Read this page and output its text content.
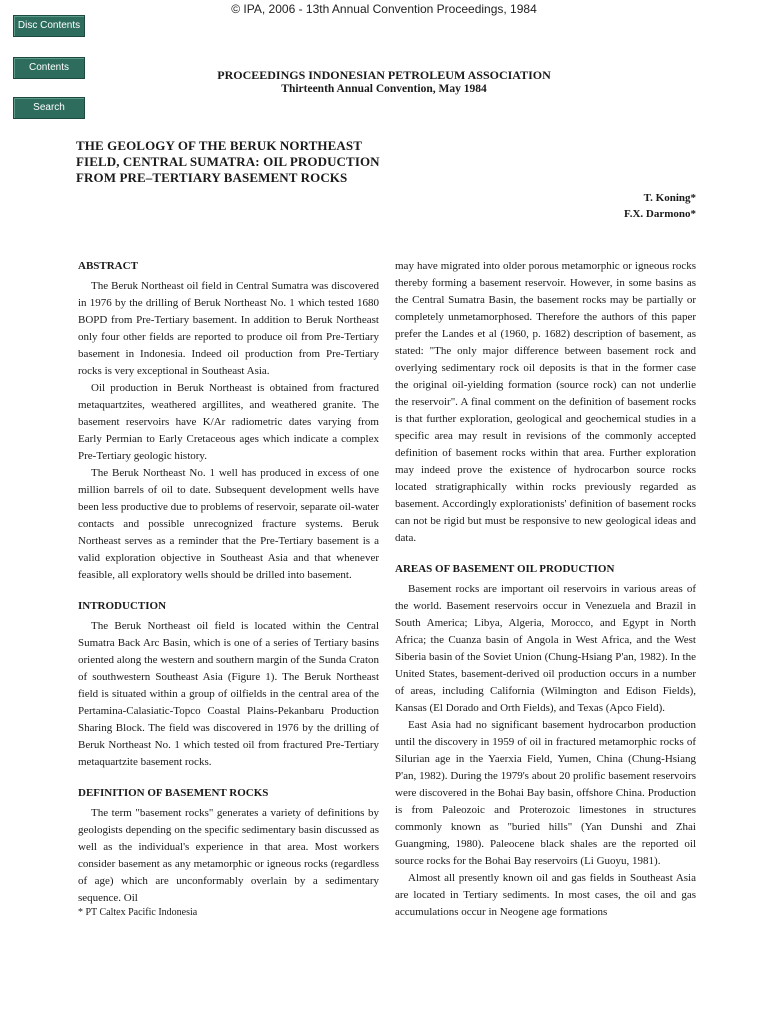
© IPA, 2006 - 13th Annual Convention Proceedings, 1984
Disc Contents
Contents
Search
PROCEEDINGS INDONESIAN PETROLEUM ASSOCIATION
Thirteenth Annual Convention, May 1984
THE GEOLOGY OF THE BERUK NORTHEAST
FIELD, CENTRAL SUMATRA: OIL PRODUCTION
FROM PRE–TERTIARY BASEMENT ROCKS
T. Koning*
F.X. Darmono*
ABSTRACT

The Beruk Northeast oil field in Central Sumatra was discovered in 1976 by the drilling of Beruk Northeast No. 1 which tested 1680 BOPD from Pre-Tertiary basement. In addition to Beruk Northeast only four other fields are reported to produce oil from Pre-Tertiary basement in Indonesia. Indeed oil production from Pre-Tertiary rocks is very exceptional in Southeast Asia.

Oil production in Beruk Northeast is obtained from fractured metaquartzites, weathered argillites, and weathered granite. The basement reservoirs have K/Ar radiometric dates varying from Early Permian to Early Cretaceous ages which indicate a complex Pre-Tertiary geologic history.

The Beruk Northeast No. 1 well has produced in excess of one million barrels of oil to date. Subsequent development wells have been less productive due to problems of reservoir, separate oil-water contacts and possible unrecognized fracture systems. Beruk Northeast serves as a reminder that the Pre-Tertiary basement is a valid exploration objective in Southeast Asia and that whenever feasible, all exploratory wells should be drilled into basement.

INTRODUCTION

The Beruk Northeast oil field is located within the Central Sumatra Back Arc Basin, which is one of a series of Tertiary basins oriented along the western and southern margin of the Sunda Craton of southwestern Southeast Asia (Figure 1). The Beruk Northeast field is situated within a group of oilfields in the central area of the Pertamina-Calasiatic-Topco Coastal Plains-Pekanbaru Production Sharing Block. The field was discovered in 1976 by the drilling of Beruk Northeast No. 1 which tested oil from fractured Pre-Tertiary metaquartzite basement rocks.

DEFINITION OF BASEMENT ROCKS

The term "basement rocks" generates a variety of definitions by geologists depending on the specific sedimentary basin discussed as well as the individual's experience in that area. Most workers consider basement as any metamorphic or igneous rocks (regardless of age) which are unconformably overlain by a sedimentary sequence. Oil

may have migrated into older porous metamorphic or igneous rocks thereby forming a basement reservoir. However, in some basins as the Central Sumatra Basin, the basement rocks may be partially or completely unmetamorphosed. Therefore the authors of this paper prefer the Landes et al (1960, p. 1682) description of basement, as stated: "The only major difference between basement rock and overlying sedimentary rock oil deposits is that in the former case the original oil-yielding formation (source rock) can not underlie the reservoir". A final comment on the definition of basement rocks is that further exploration, geological and geochemical studies in a specific area may result in revisions of the commonly accepted definition of basement rocks within that area. Further exploration may indeed prove the existence of hydrocarbon source rocks located stratigraphically within rocks previously regarded as basement. Accordingly explorationists' definition of basement rocks can not be rigid but must be responsive to new geological ideas and data.

AREAS OF BASEMENT OIL PRODUCTION

Basement rocks are important oil reservoirs in various areas of the world. Basement reservoirs occur in Venezuela and Brazil in South America; Libya, Algeria, Morocco, and Egypt in North Africa; the Cuanza basin of Angola in West Africa, and the West Siberia basin of the Soviet Union (Chung-Hsiang P'an, 1982). In the United States, basement-derived oil production occurs in a number of areas, including California (Wilmington and Edison Fields), Kansas (El Dorado and Orth Fields), and Texas (Apco Field).

East Asia had no significant basement hydrocarbon production until the discovery in 1959 of oil in fractured metamorphic rocks of Silurian age in the Yaerxia Field, Yumen, China (Chung-Hsiang P'an, 1982). During the 1979's about 20 prolific basement reservoirs were discovered in the Bohai Bay basin, offshore China. Production is from Paleozoic and Proterozoic limestones in structures commonly known as "buried hills" (Yan Dunshi and Zhai Guangming, 1980). Paleocene black shales are the reported oil source rocks for the Bohai Bay reservoirs (Li Guoyu, 1981).

Almost all presently known oil and gas fields in Southeast Asia are located in Tertiary sediments. In most cases, the oil and gas accumulations occur in Neogene age formations

* PT Caltex Pacific Indonesia
